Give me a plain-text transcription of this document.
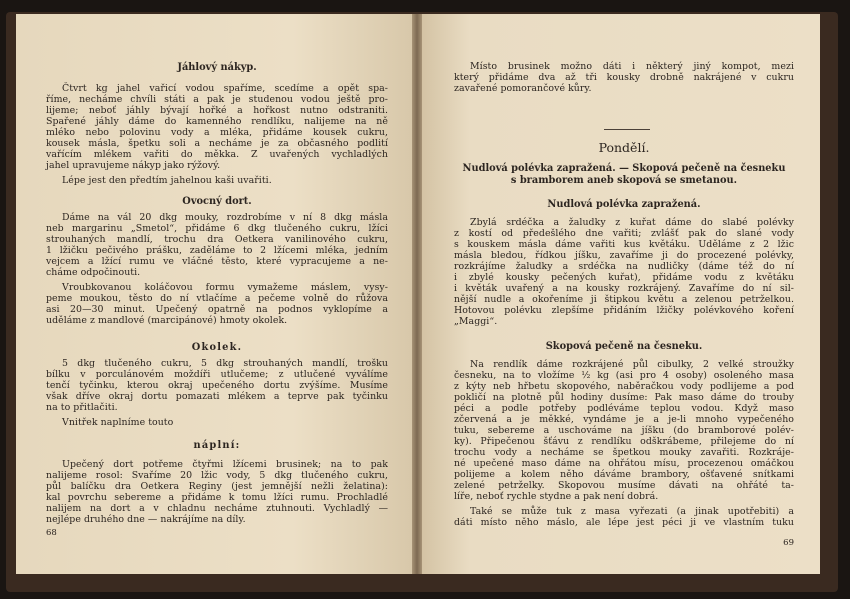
Jáhlový nákyp.
Ovocný dort.
Okolek.
náplní:
Čtvrt kg jahel vařicí vodou spaříme, scedíme a opět spa-
říme, necháme chvíli státi a pak je studenou vodou ještě pro-
lijeme; neboť jáhly bývají hořké a hořkost nutno odstraniti.
Spařené jáhly dáme do kamenného rendlíku, nalijeme na ně
mléko nebo polovinu vody a mléka, přidáme kousek cukru,
kousek másla, špetku soli a necháme je za občasného podlití
vařícím mlékem vařiti do měkka. Z uvařených vychladlých
jahel upravujeme nákyp jako rýžový.
Lépe jest den předtím jahelnou kaši uvařiti.
Dáme na vál 20 dkg mouky, rozdrobíme v ní 8 dkg másla
neb margarinu „Smetol“, přidáme 6 dkg tlučeného cukru, lžíci
strouhaných mandlí, trochu dra Oetkera vanilinového cukru,
1 lžičku pečivého prášku, zaděláme to 2 lžícemi mléka, jedním
vejcem a lžící rumu ve vláčné těsto, které vypracujeme a ne-
cháme odpočinouti.
Vroubkovanou koláčovou formu vymažeme máslem, vysy-
peme moukou, těsto do ní vtlačíme a pečeme volně do růžova
asi 20—30 minut. Upečený opatrně na podnos vyklopíme a
uděláme z mandlové (marcipánové) hmoty okolek.
5 dkg tlučeného cukru, 5 dkg strouhaných mandlí, trošku
bílku v porculánovém moždíři utlučeme; z utlučené vyválíme
tenčí tyčinku, kterou okraj upečeného dortu zvýšíme. Musíme
však dříve okraj dortu pomazati mlékem a teprve pak tyčinku
na to přitlačiti.
Vnitřek naplníme touto
Upečený dort potřeme čtyřmi lžícemi brusinek; na to pak
nalijeme rosol: Svaříme 20 lžic vody, 5 dkg tlučeného cukru,
půl balíčku dra Oetkera Reginy (jest jemnější nežli želatina):
kal povrchu sebereme a přidáme k tomu lžíci rumu. Prochladlé
nalijem na dort a v chladnu necháme ztuhnouti. Vychladlý —
nejlépe druhého dne — nakrájíme na díly.
68
Pondělí.
Nudlová polévka zapražená. — Skopová pečeně na česneku
s bramborem aneb skopová se smetanou.
Nudlová polévka zapražená.
Skopová pečeně na česneku.
Místo brusinek možno dáti i některý jiný kompot, mezi
který přidáme dva až tři kousky drobně nakrájené v cukru
zavařené pomorančové kůry.
Zbylá srdéčka a žaludky z kuřat dáme do slabé polévky
z kostí od předešlého dne vařiti; zvlášť pak do slané vody
s kouskem másla dáme vařiti kus květáku. Uděláme z 2 lžic
másla bledou, řídkou jíšku, zavaříme ji do procezené polévky,
rozkrájíme žaludky a srdéčka na nudličky (dáme též do ní
i zbylé kousky pečených kuřat), přidáme vodu z květáku
i květák uvařený a na kousky rozkrájený. Zavaříme do ní sil-
nější nudle a okořeníme ji štipkou květu a zelenou petrželkou.
Hotovou polévku zlepšíme přidáním lžičky polévkového koření
„Maggi“.
Na rendlík dáme rozkrájené půl cibulky, 2 velké stroužky
česneku, na to vložíme ½ kg (asi pro 4 osoby) osoleného masa
z kýty neb hřbetu skopového, naběračkou vody podlijeme a pod
pokličí na plotně půl hodiny dusíme: Pak maso dáme do trouby
péci a podle potřeby podléváme teplou vodou. Když maso
zčervená a je měkké, vyndáme je a je-li mnoho vypečeného
tuku, sebereme a uschováme na jíšku (do bramborové polév-
ky). Připečenou šťávu z rendlíku odškrábeme, přilejeme do ní
trochu vody a necháme se špetkou mouky zavařiti. Rozkráje-
né upečené maso dáme na ohřátou mísu, procezenou omáčkou
polijeme a kolem něho dáváme brambory, ošťavené snítkami
zelené petrželky. Skopovou musíme dávati na ohřáté ta-
líře, neboť rychle stydne a pak není dobrá.
Také se může tuk z masa vyřezati (a jinak upotřebiti) a
dáti místo něho máslo, ale lépe jest péci ji ve vlastním tuku
69
